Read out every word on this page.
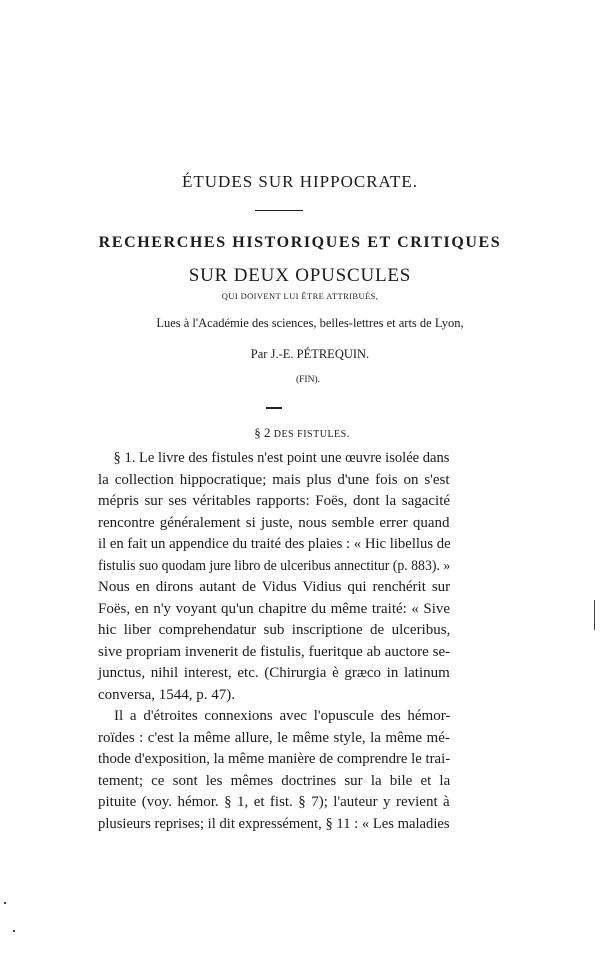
ÉTUDES SUR HIPPOCRATE.
RECHERCHES HISTORIQUES ET CRITIQUES
SUR DEUX OPUSCULES
QUI DOIVENT LUI ÊTRE ATTRIBUÉS,
Lues à l'Académie des sciences, belles-lettres et arts de Lyon,
Par J.-E. PÉTREQUIN.
(FIN).
§ 2 DES FISTULES.
§ 1. Le livre des fistules n'est point une œuvre isolée dans
la collection hippocratique; mais plus d'une fois on s'est
mépris sur ses véritables rapports: Foës, dont la sagacité
rencontre généralement si juste, nous semble errer quand
il en fait un appendice du traité des plaies : « Hic libellus de
fistulis suo quodam jure libro de ulceribus annectitur (p. 883). »
Nous en dirons autant de Vidus Vidius qui renchérit sur
Foës, en n'y voyant qu'un chapitre du même traité: « Sive
hic liber comprehendatur sub inscriptione de ulceribus,
sive propriam invenerit de fistulis, fueritque ab auctore se-
junctus, nihil interest, etc. (Chirurgia è græco in latinum
conversa, 1544, p. 47).
Il a d'étroites connexions avec l'opuscule des hémor-
roïdes : c'est la même allure, le même style, la même mé-
thode d'exposition, la même manière de comprendre le trai-
tement; ce sont les mêmes doctrines sur la bile et la
pituite (voy. hémor. § 1, et fist. § 7); l'auteur y revient à
plusieurs reprises; il dit expressément, § 11 : « Les maladies
